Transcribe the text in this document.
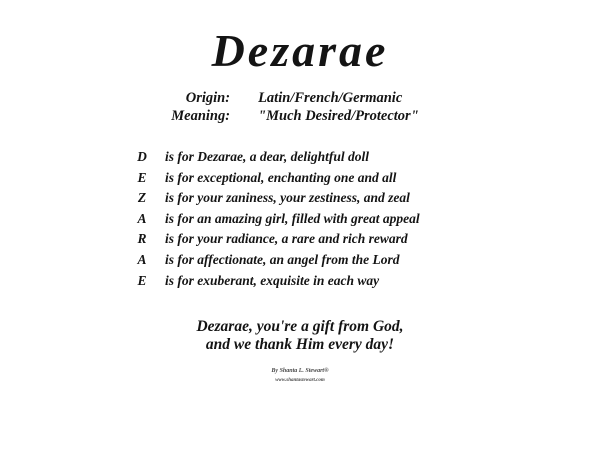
Dezarae
Origin: Latin/French/Germanic
Meaning: "Much Desired/Protector"
D is for Dezarae, a dear, delightful doll
E is for exceptional, enchanting one and all
Z is for your zaniness, your zestiness, and zeal
A is for an amazing girl, filled with great appeal
R is for your radiance, a rare and rich reward
A is for affectionate, an angel from the Lord
E is for exuberant, exquisite in each way
Dezarae, you're a gift from God,
and we thank Him every day!
By Shanta L. Stewart®
www.shantastewart.com
